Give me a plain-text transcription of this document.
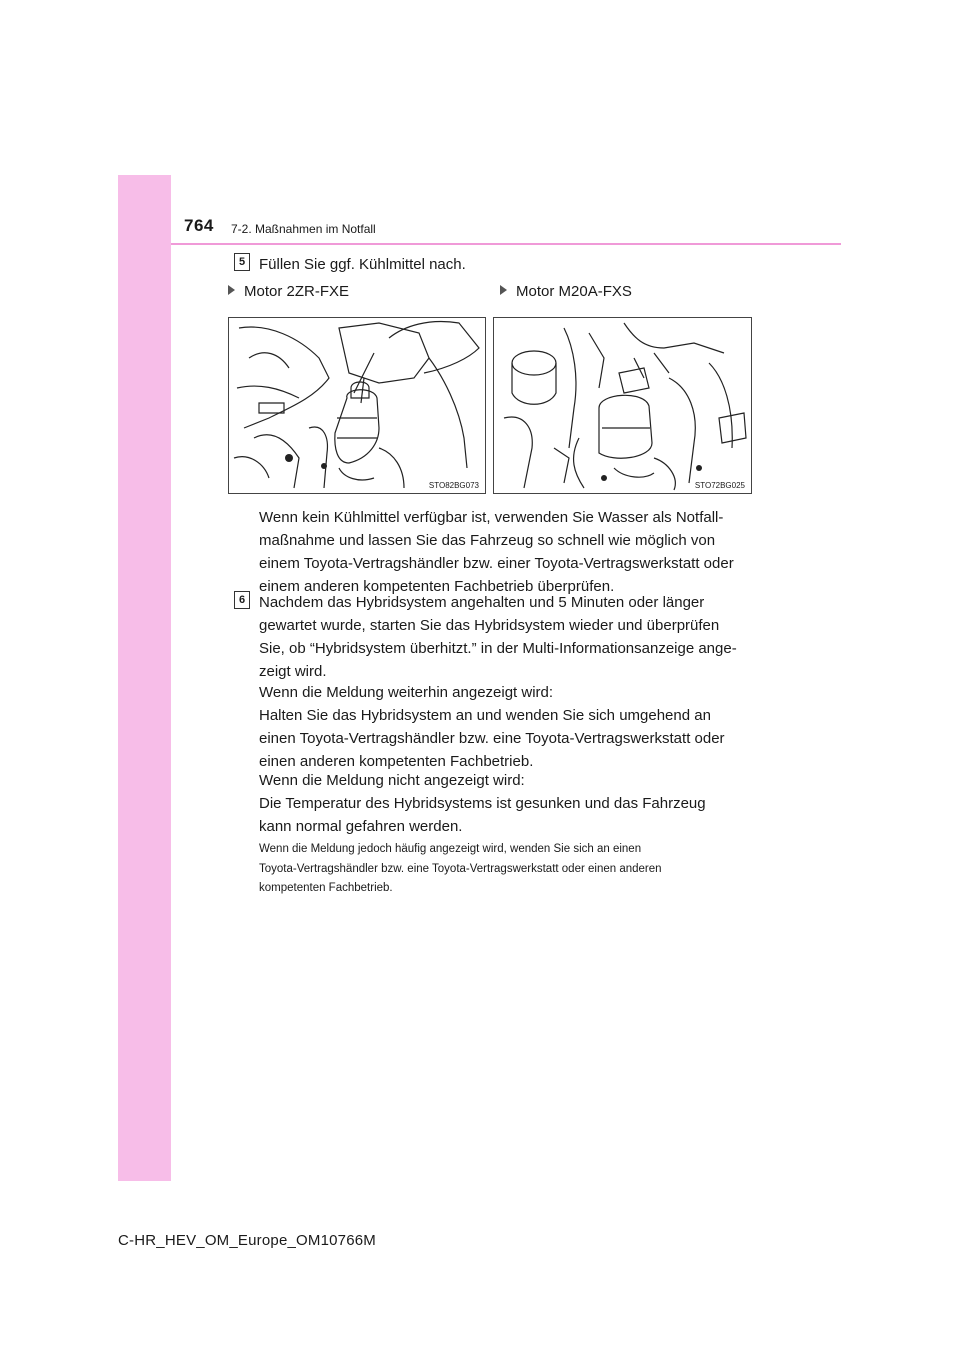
764 7-2. Maßnahmen im Notfall
5 Füllen Sie ggf. Kühlmittel nach.
Motor 2ZR-FXE	Motor M20A-FXS
STO82BG073	STO72BG025
Wenn kein Kühlmittel verfügbar ist, verwenden Sie Wasser als Notfall-
maßnahme und lassen Sie das Fahrzeug so schnell wie möglich von
einem Toyota-Vertragshändler bzw. einer Toyota-Vertragswerkstatt oder
einem anderen kompetenten Fachbetrieb überprüfen.
6 Nachdem das Hybridsystem angehalten und 5 Minuten oder länger
gewartet wurde, starten Sie das Hybridsystem wieder und überprüfen
Sie, ob “Hybridsystem überhitzt.” in der Multi-Informationsanzeige ange-
zeigt wird.
Wenn die Meldung weiterhin angezeigt wird:
Halten Sie das Hybridsystem an und wenden Sie sich umgehend an
einen Toyota-Vertragshändler bzw. eine Toyota-Vertragswerkstatt oder
einen anderen kompetenten Fachbetrieb.
Wenn die Meldung nicht angezeigt wird:
Die Temperatur des Hybridsystems ist gesunken und das Fahrzeug
kann normal gefahren werden.
Wenn die Meldung jedoch häufig angezeigt wird, wenden Sie sich an einen
Toyota-Vertragshändler bzw. eine Toyota-Vertragswerkstatt oder einen anderen
kompetenten Fachbetrieb.
C-HR_HEV_OM_Europe_OM10766M
